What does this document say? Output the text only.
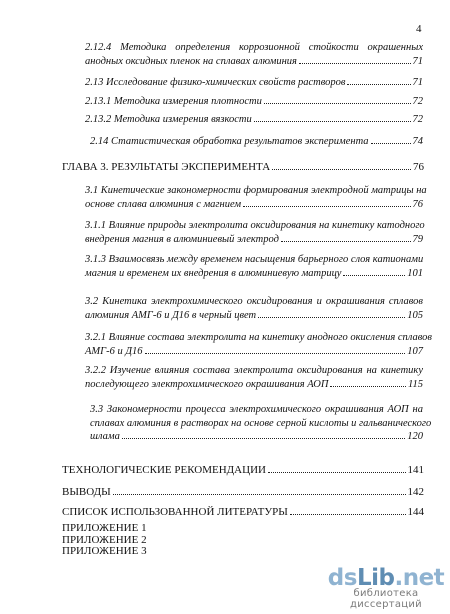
4
2.12.4 Методика определения коррозионной стойкости окрашенных
анодных оксидных пленок на сплавах алюминия	71
2.13 Исследование физико-химических свойств растворов	71
2.13.1 Методика измерения плотности	72
2.13.2 Методика измерения вязкости	72
2.14 Статистическая обработка результатов эксперимента	74
ГЛАВА 3. РЕЗУЛЬТАТЫ ЭКСПЕРИМЕНТА	76
3.1 Кинетические закономерности формирования электродной матрицы на
основе сплава алюминия с магнием	76
3.1.1 Влияние природы электролита оксидирования на кинетику катодного
внедрения магния в алюминиевый электрод	79
3.1.3 Взаимосвязь между временем насыщения барьерного слоя катионами
магния и временем их внедрения в алюминиевую матрицу	101
3.2 Кинетика электрохимического оксидирования и окрашивания сплавов
алюминия АМГ-6 и Д16 в черный цвет	105
3.2.1 Влияние состава электролита на кинетику анодного окисления сплавов
АМГ-6 и Д16	107
3.2.2 Изучение влияния состава электролита оксидирования на кинетику
последующего электрохимического окрашивания АОП	115
3.3 Закономерности процесса электрохимического окрашивания АОП на
сплавах алюминия в растворах на основе серной кислоты и гальванического
шлама	120
ТЕХНОЛОГИЧЕСКИЕ РЕКОМЕНДАЦИИ	141
ВЫВОДЫ	142
СПИСОК ИСПОЛЬЗОВАННОЙ ЛИТЕРАТУРЫ	144
ПРИЛОЖЕНИЕ 1
ПРИЛОЖЕНИЕ 2
ПРИЛОЖЕНИЕ 3
dsLib.net
библиотека диссертаций
